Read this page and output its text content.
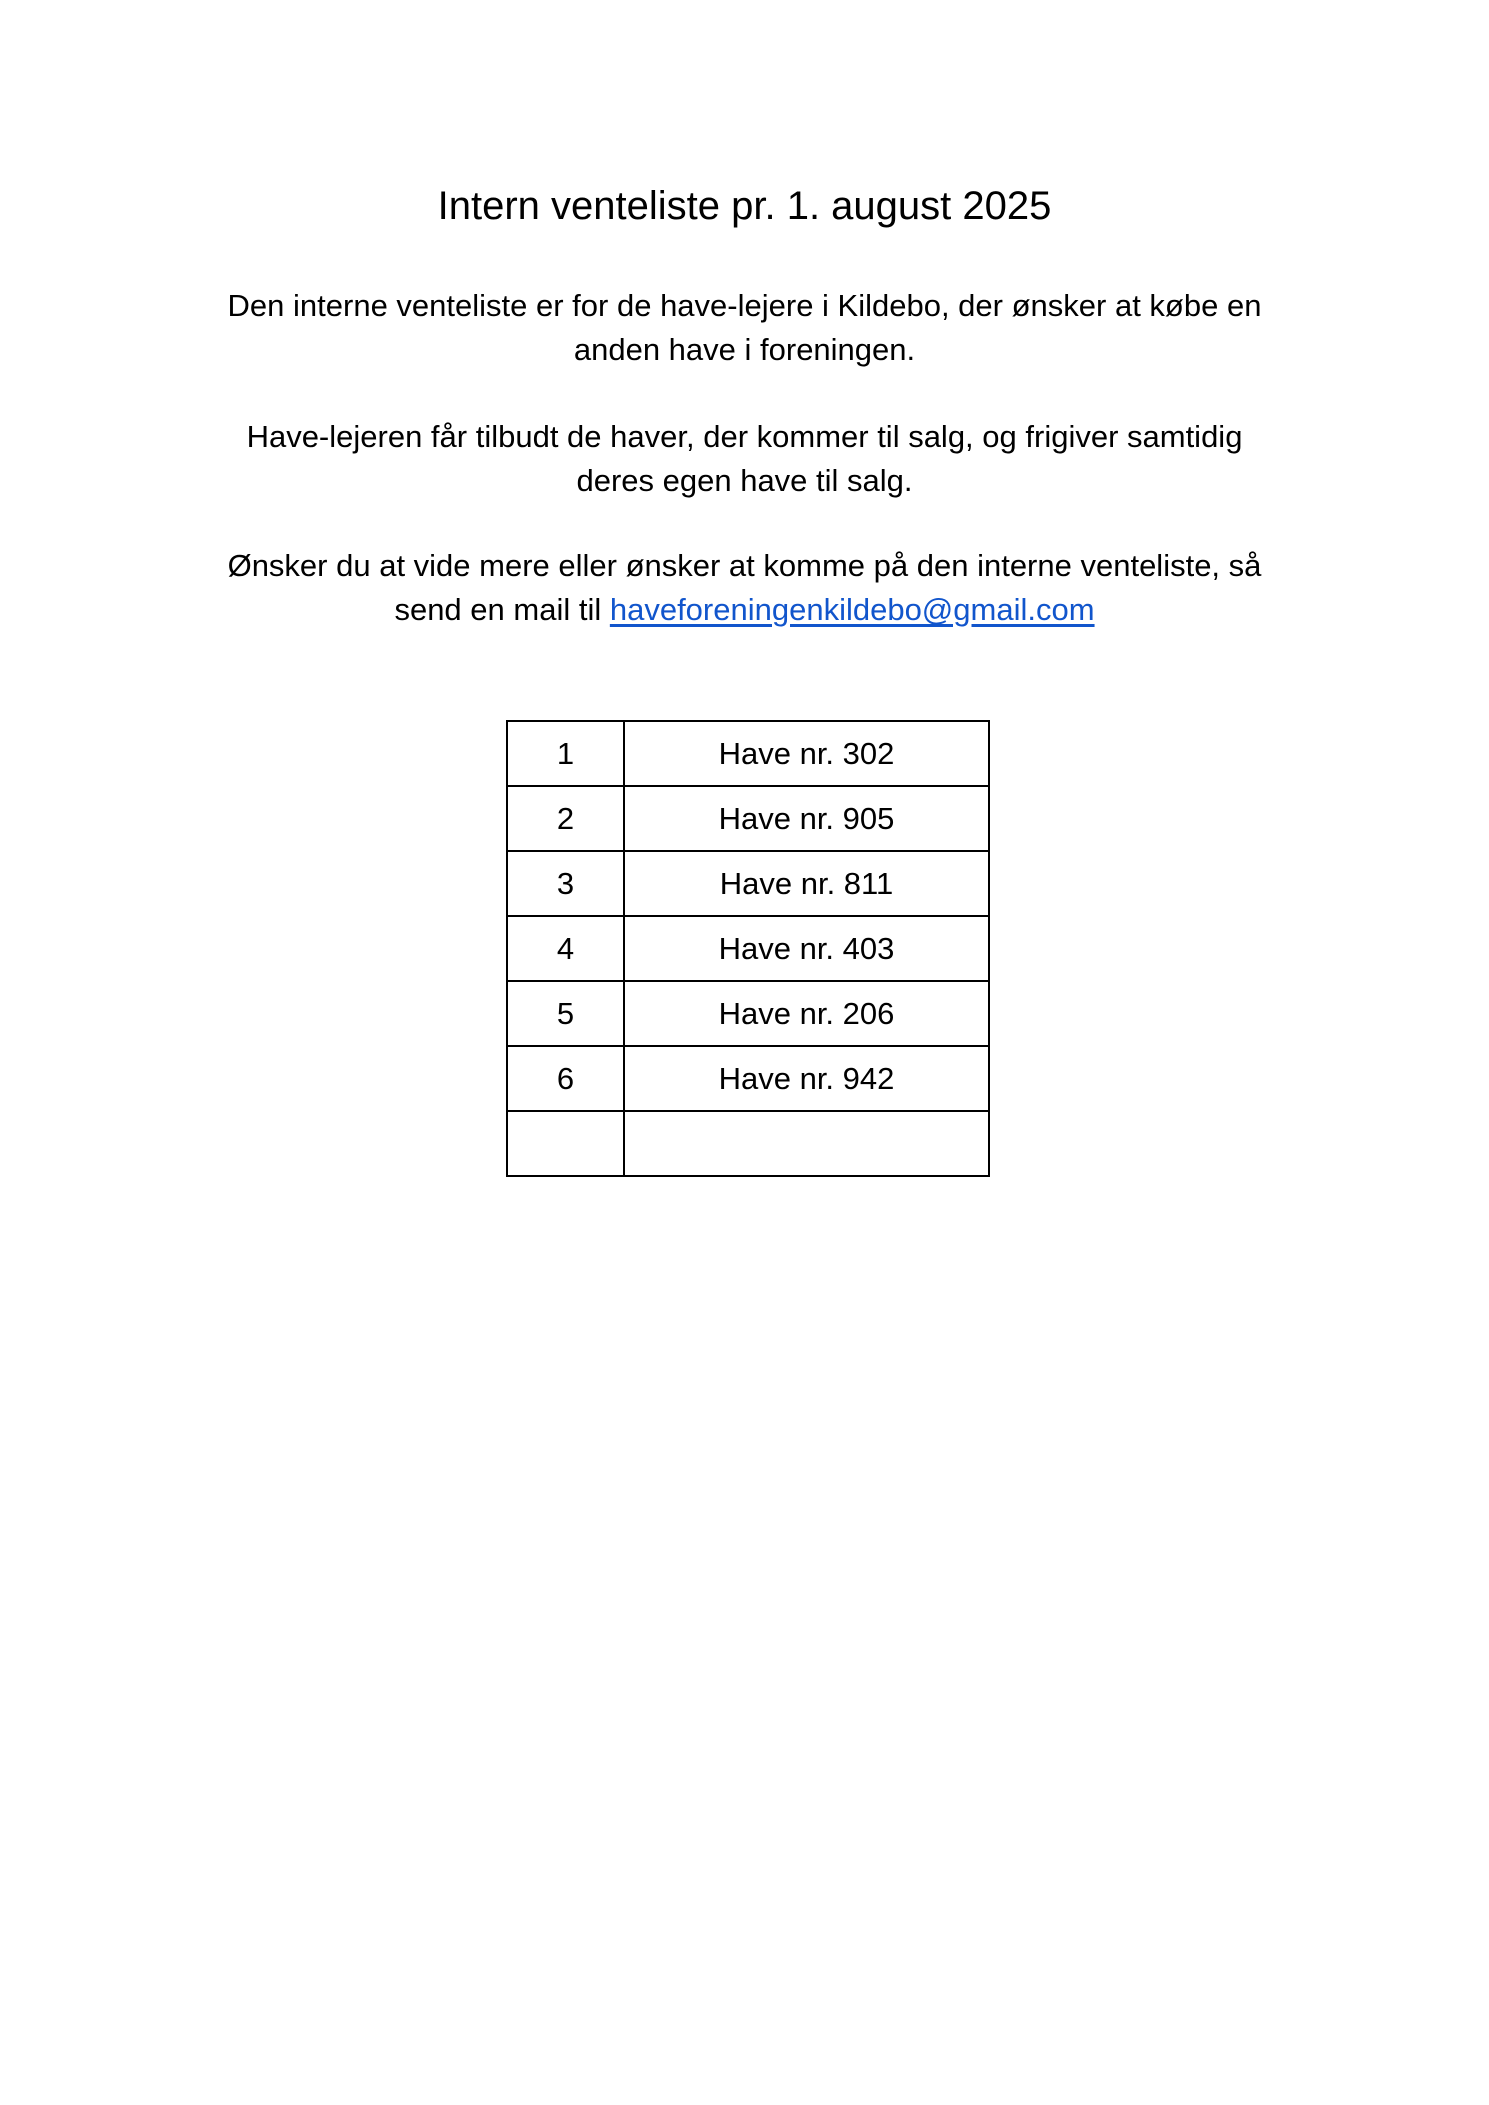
Intern venteliste pr. 1. august 2025

Den interne venteliste er for de have-lejere i Kildebo, der ønsker at købe en
anden have i foreningen.

Have-lejeren får tilbudt de haver, der kommer til salg, og frigiver samtidig
deres egen have til salg.

Ønsker du at vide mere eller ønsker at komme på den interne venteliste, så
send en mail til haveforeningenkildebo@gmail.com

1	Have nr. 302
2	Have nr. 905
3	Have nr. 811
4	Have nr. 403
5	Have nr. 206
6	Have nr. 942
